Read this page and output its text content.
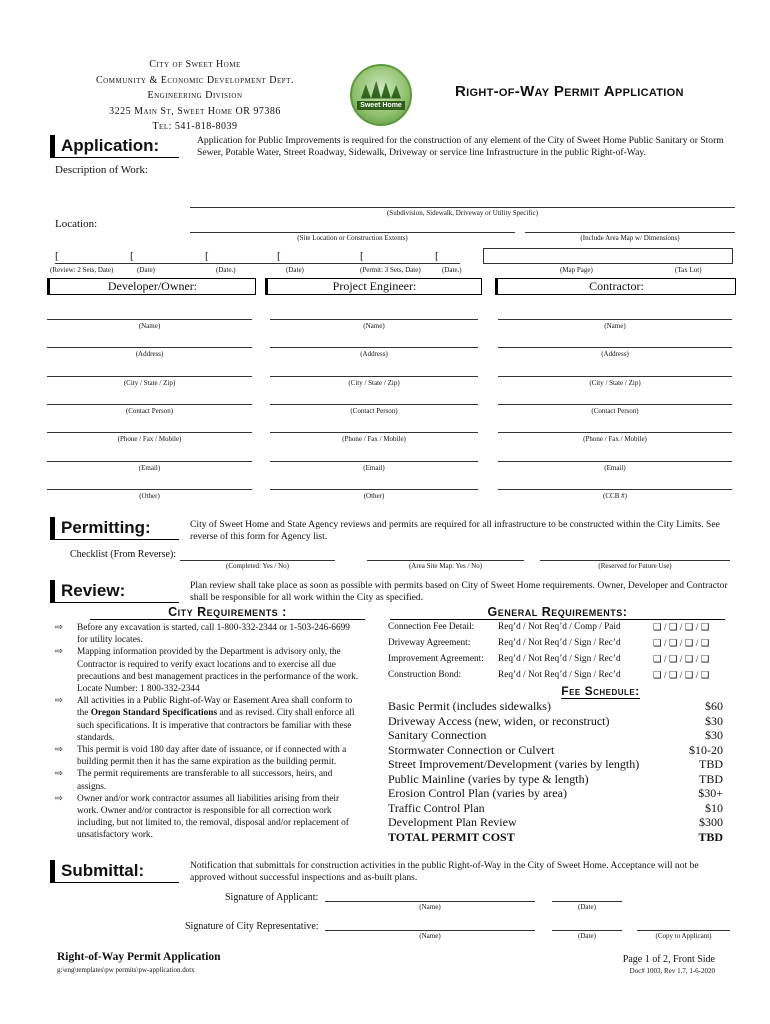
City of Sweet Home
Community & Economic Development Dept.
Engineering Division
3225 Main St, Sweet Home OR 97386
Tel: 541-818-8039
Sweet Home
Right-of-Way Permit Application
Application:	Application for Public Improvements is required for the construction of any element of the City of Sweet Home Public Sanitary or Storm Sewer, Potable Water, Street Roadway, Sidewalk, Driveway or service line Infrastructure in the public Right-of-Way.
Description of Work:
(Subdivision, Sidewalk, Driveway or Utility Specific)
Location:
(Site Location or Construction Extents)	(Include Area Map w/ Dimensions)
[	[	[	[	[	[
(Review: 2 Sets, Date)	(Date)	(Date.)	(Date)	(Permit: 3 Sets, Date)	(Date.)	(Map Page)	(Tax Lot)
Developer/Owner:	Project Engineer:	Contractor:
(Name)	(Name)	(Name)
(Address)	(Address)	(Address)
(City / State / Zip)	(City / State / Zip)	(City / State / Zip)
(Contact Person)	(Contact Person)	(Contact Person)
(Phone / Fax / Mobile)	(Phone / Fax / Mobile)	(Phone / Fax / Mobile)
(Email)	(Email)	(Email)
(Other)	(Other)	(CCB #)
Permitting:	City of Sweet Home and State Agency reviews and permits are required for all infrastructure to be constructed within the City Limits. See reverse of this form for Agency list.
Checklist (From Reverse):
(Completed: Yes / No)	(Area Site Map: Yes / No)	(Reserved for Future Use)
Review:	Plan review shall take place as soon as possible with permits based on City of Sweet Home requirements. Owner, Developer and Contractor shall be responsible for all work within the City as specified.
City Requirements :	General Requirements:
⇨ Before any excavation is started, call 1-800-332-2344 or 1-503-246-6699 for utility locates.
⇨ Mapping information provided by the Department is advisory only, the Contractor is required to verify exact locations and to exercise all due precautions and best management practices in the performance of the work. Locate Number: 1 800-332-2344
⇨ All activities in a Public Right-of-Way or Easement Area shall conform to the Oregon Standard Specifications and as revised. City shall enforce all such specifications. It is imperative that contractors be familiar with these standards.
⇨ This permit is void 180 day after date of issuance, or if connected with a building permit then it has the same expiration as the building permit.
⇨ The permit requirements are transferable to all successors, heirs, and assigns.
⇨ Owner and/or work contractor assumes all liabilities arising from their work. Owner and/or contractor is responsible for all correction work including, but not limited to, the removal, disposal and/or replacement of unsatisfactory work.
Connection Fee Detail:	Req’d / Not Req’d / Comp / Paid	❑ / ❑ / ❑ / ❑
Driveway Agreement:	Req’d / Not Req’d / Sign / Rec’d	❑ / ❑ / ❑ / ❑
Improvement Agreement: Req’d / Not Req’d / Sign / Rec’d	❑ / ❑ / ❑ / ❑
Construction Bond:	Req’d / Not Req’d / Sign / Rec’d	❑ / ❑ / ❑ / ❑
Fee Schedule:
Basic Permit (includes sidewalks)	$60
Driveway Access (new, widen, or reconstruct)	$30
Sanitary Connection	$30
Stormwater Connection or Culvert	$10-20
Street Improvement/Development (varies by length)	TBD
Public Mainline (varies by type & length)	TBD
Erosion Control Plan (varies by area)	$30+
Traffic Control Plan	$10
Development Plan Review	$300
TOTAL PERMIT COST	TBD
Submittal:	Notification that submittals for construction activities in the public Right-of-Way in the City of Sweet Home. Acceptance will not be approved without successful inspections and as-built plans.
Signature of Applicant:
(Name)	(Date)
Signature of City Representative:
(Name)	(Date)	(Copy to Applicant)
Right-of-Way Permit Application
g:\eng\templates\pw permits\pw-application.dotx
Page 1 of 2, Front Side
Doc# 1003, Rev 1.7, 1-6-2020
